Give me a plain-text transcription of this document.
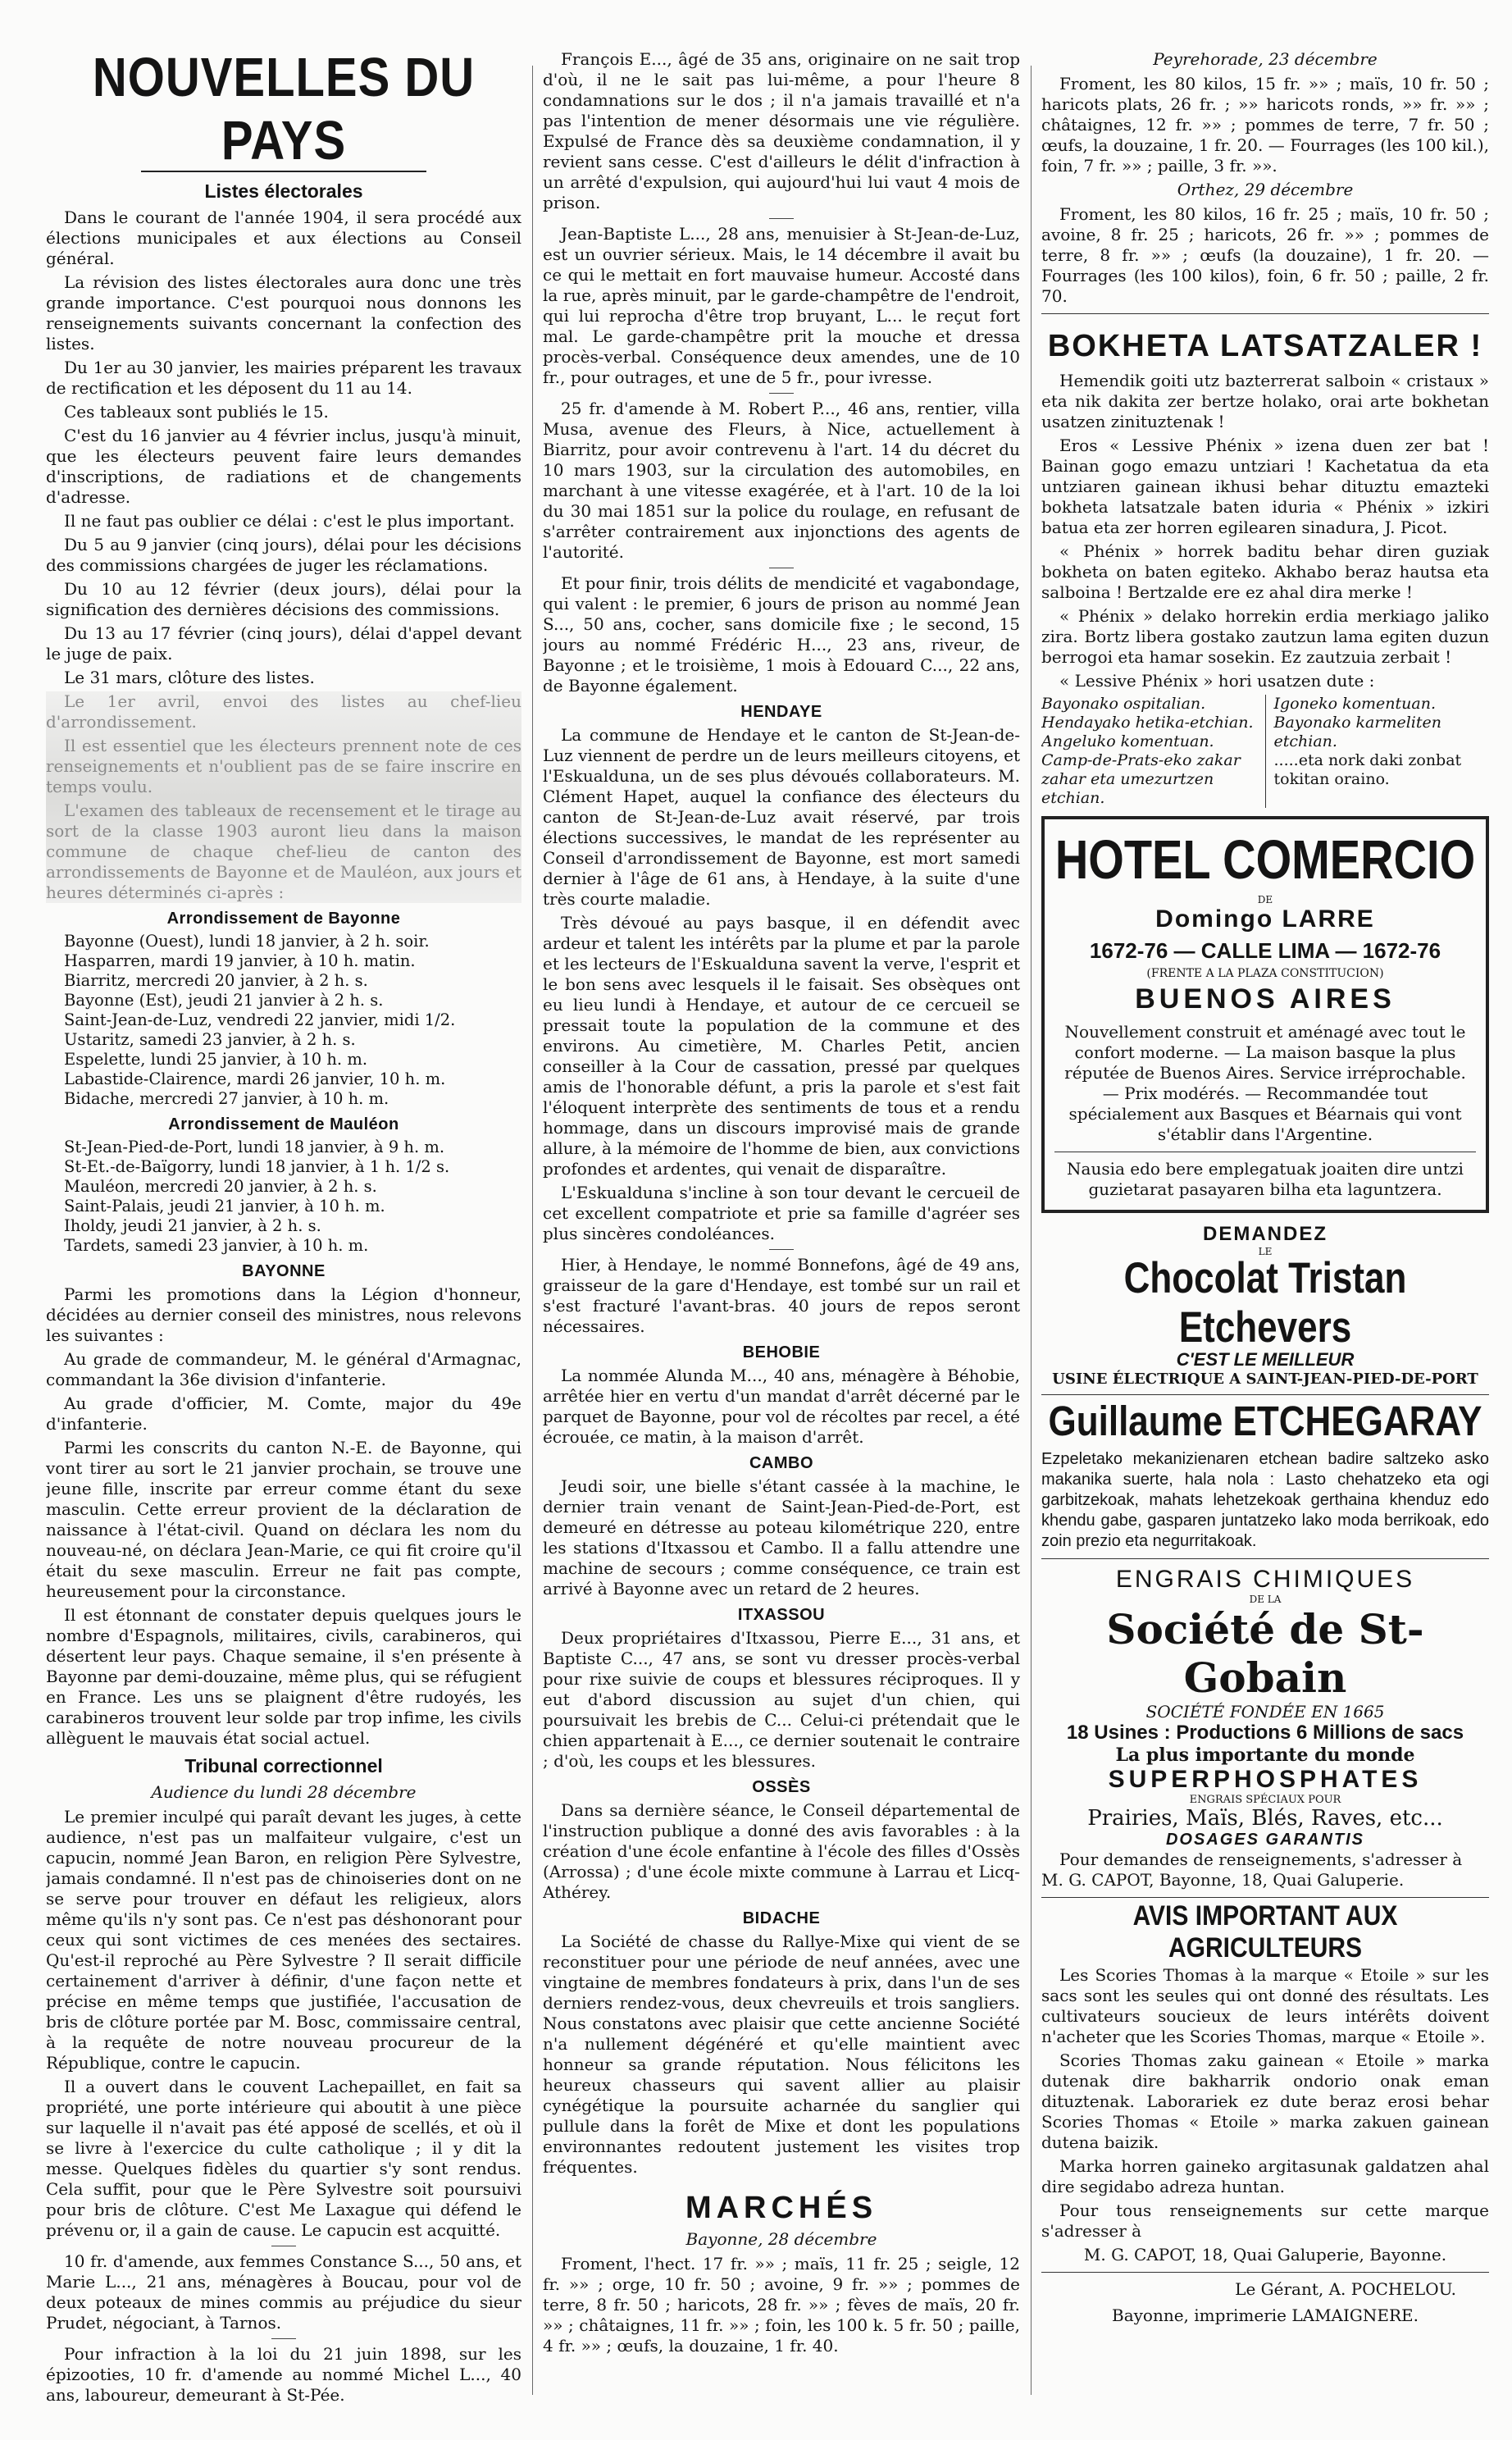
NOUVELLES DU PAYS
Listes électorales

Dans le courant de l'année 1904, il sera procédé aux élections municipales et aux élections au Conseil général.

La révision des listes électorales aura donc une très grande importance. C'est pourquoi nous donnons les renseignements suivants concernant la confection des listes.

Du 1er au 30 janvier, les mairies préparent les travaux de rectification et les déposent du 11 au 14.

Ces tableaux sont publiés le 15.

C'est du 16 janvier au 4 février inclus, jusqu'à minuit, que les électeurs peuvent faire leurs demandes d'inscriptions, de radiations et de changements d'adresse.

Il ne faut pas oublier ce délai : c'est le plus important.

Du 5 au 9 janvier (cinq jours), délai pour les décisions des commissions chargées de juger les réclamations.

Du 10 au 12 février (deux jours), délai pour la signification des dernières décisions des commissions.

Du 13 au 17 février (cinq jours), délai d'appel devant le juge de paix.

Le 31 mars, clôture des listes.

Le 1er avril, envoi des listes au chef-lieu d'arrondissement.

Il est essentiel que les électeurs prennent note de ces renseignements et n'oublient pas de se faire inscrire en temps voulu.

L'examen des tableaux de recensement et le tirage au sort de la classe 1903 auront lieu dans la maison commune de chaque chef-lieu de canton des arrondissements de Bayonne et de Mauléon, aux jours et heures déterminés ci-après :

Arrondissement de Bayonne

Bayonne (Ouest), lundi 18 janvier, à 2 h. soir.

Hasparren, mardi 19 janvier, à 10 h. matin.

Biarritz, mercredi 20 janvier, à 2 h. s.

Bayonne (Est), jeudi 21 janvier à 2 h. s.

Saint-Jean-de-Luz, vendredi 22 janvier, midi 1/2.

Ustaritz, samedi 23 janvier, à 2 h. s.

Espelette, lundi 25 janvier, à 10 h. m.

Labastide-Clairence, mardi 26 janvier, 10 h. m.

Bidache, mercredi 27 janvier, à 10 h. m.

Arrondissement de Mauléon

St-Jean-Pied-de-Port, lundi 18 janvier, à 9 h. m.

St-Et.-de-Baïgorry, lundi 18 janvier, à 1 h. 1/2 s.

Mauléon, mercredi 20 janvier, à 2 h. s.

Saint-Palais, jeudi 21 janvier, à 10 h. m.

Iholdy, jeudi 21 janvier, à 2 h. s.

Tardets, samedi 23 janvier, à 10 h. m.

BAYONNE

Parmi les promotions dans la Légion d'honneur, décidées au dernier conseil des ministres, nous relevons les suivantes :

Au grade de commandeur, M. le général d'Armagnac, commandant la 36e division d'infanterie.

Au grade d'officier, M. Comte, major du 49e d'infanterie.

Parmi les conscrits du canton N.-E. de Bayonne, qui vont tirer au sort le 21 janvier prochain, se trouve une jeune fille, inscrite par erreur comme étant du sexe masculin. Cette erreur provient de la déclaration de naissance à l'état-civil. Quand on déclara les nom du nouveau-né, on déclara Jean-Marie, ce qui fit croire qu'il était du sexe masculin. Erreur ne fait pas compte, heureusement pour la circonstance.

Il est étonnant de constater depuis quelques jours le nombre d'Espagnols, militaires, civils, carabineros, qui désertent leur pays. Chaque semaine, il s'en présente à Bayonne par demi-douzaine, même plus, qui se réfugient en France. Les uns se plaignent d'être rudoyés, les carabineros trouvent leur solde par trop infime, les civils allèguent le mauvais état social actuel.

Tribunal correctionnel
Audience du lundi 28 décembre

Le premier inculpé qui paraît devant les juges, à cette audience, n'est pas un malfaiteur vulgaire, c'est un capucin, nommé Jean Baron, en religion Père Sylvestre, jamais condamné. Il n'est pas de chinoiseries dont on ne se serve pour trouver en défaut les religieux, alors même qu'ils n'y sont pas. Ce n'est pas déshonorant pour ceux qui sont victimes de ces menées des sectaires. Qu'est-il reproché au Père Sylvestre ? Il serait difficile certainement d'arriver à définir, d'une façon nette et précise en même temps que justifiée, l'accusation de bris de clôture portée par M. Bosc, commissaire central, à la requête de notre nouveau procureur de la République, contre le capucin.

Il a ouvert dans le couvent Lachepaillet, en fait sa propriété, une porte intérieure qui aboutit à une pièce sur laquelle il n'avait pas été apposé de scellés, et où il se livre à l'exercice du culte catholique ; il y dit la messe. Quelques fidèles du quartier s'y sont rendus. Cela suffit, pour que le Père Sylvestre soit poursuivi pour bris de clôture. C'est Me Laxague qui défend le prévenu or, il a gain de cause. Le capucin est acquitté.

10 fr. d'amende, aux femmes Constance S..., 50 ans, et Marie L..., 21 ans, ménagères à Boucau, pour vol de deux poteaux de mines commis au préjudice du sieur Prudet, négociant, à Tarnos.

Pour infraction à la loi du 21 juin 1898, sur les épizooties, 10 fr. d'amende au nommé Michel L..., 40 ans, laboureur, demeurant à St-Pée.

François E..., âgé de 35 ans, originaire on ne sait trop d'où, il ne le sait pas lui-même, a pour l'heure 8 condamnations sur le dos ; il n'a jamais travaillé et n'a pas l'intention de mener désormais une vie régulière. Expulsé de France dès sa deuxième condamnation, il y revient sans cesse. C'est d'ailleurs le délit d'infraction à un arrêté d'expulsion, qui aujourd'hui lui vaut 4 mois de prison.

Jean-Baptiste L..., 28 ans, menuisier à St-Jean-de-Luz, est un ouvrier sérieux. Mais, le 14 décembre il avait bu ce qui le mettait en fort mauvaise humeur. Accosté dans la rue, après minuit, par le garde-champêtre de l'endroit, qui lui reprocha d'être trop bruyant, L... le reçut fort mal. Le garde-champêtre prit la mouche et dressa procès-verbal. Conséquence deux amendes, une de 10 fr., pour outrages, et une de 5 fr., pour ivresse.

25 fr. d'amende à M. Robert P..., 46 ans, rentier, villa Musa, avenue des Fleurs, à Nice, actuellement à Biarritz, pour avoir contrevenu à l'art. 14 du décret du 10 mars 1903, sur la circulation des automobiles, en marchant à une vitesse exagérée, et à l'art. 10 de la loi du 30 mai 1851 sur la police du roulage, en refusant de s'arrêter contrairement aux injonctions des agents de l'autorité.

Et pour finir, trois délits de mendicité et vagabondage, qui valent : le premier, 6 jours de prison au nommé Jean S..., 50 ans, cocher, sans domicile fixe ; le second, 15 jours au nommé Frédéric H..., 23 ans, riveur, de Bayonne ; et le troisième, 1 mois à Edouard C..., 22 ans, de Bayonne également.

HENDAYE

La commune de Hendaye et le canton de St-Jean-de-Luz viennent de perdre un de leurs meilleurs citoyens, et l'Eskualduna, un de ses plus dévoués collaborateurs. M. Clément Hapet, auquel la confiance des électeurs du canton de St-Jean-de-Luz avait réservé, par trois élections successives, le mandat de les représenter au Conseil d'arrondissement de Bayonne, est mort samedi dernier à l'âge de 61 ans, à Hendaye, à la suite d'une très courte maladie.

Très dévoué au pays basque, il en défendit avec ardeur et talent les intérêts par la plume et par la parole et les lecteurs de l'Eskualduna savent la verve, l'esprit et le bon sens avec lesquels il le faisait. Ses obsèques ont eu lieu lundi à Hendaye, et autour de ce cercueil se pressait toute la population de la commune et des environs. Au cimetière, M. Charles Petit, ancien conseiller à la Cour de cassation, pressé par quelques amis de l'honorable défunt, a pris la parole et s'est fait l'éloquent interprète des sentiments de tous et a rendu hommage, dans un discours improvisé mais de grande allure, à la mémoire de l'homme de bien, aux convictions profondes et ardentes, qui venait de disparaître.

L'Eskualduna s'incline à son tour devant le cercueil de cet excellent compatriote et prie sa famille d'agréer ses plus sincères condoléances.

Hier, à Hendaye, le nommé Bonnefons, âgé de 49 ans, graisseur de la gare d'Hendaye, est tombé sur un rail et s'est fracturé l'avant-bras. 40 jours de repos seront nécessaires.

BEHOBIE

La nommée Alunda M..., 40 ans, ménagère à Béhobie, arrêtée hier en vertu d'un mandat d'arrêt décerné par le parquet de Bayonne, pour vol de récoltes par recel, a été écrouée, ce matin, à la maison d'arrêt.

CAMBO

Jeudi soir, une bielle s'étant cassée à la machine, le dernier train venant de Saint-Jean-Pied-de-Port, est demeuré en détresse au poteau kilométrique 220, entre les stations d'Itxassou et Cambo. Il a fallu attendre une machine de secours ; comme conséquence, ce train est arrivé à Bayonne avec un retard de 2 heures.

ITXASSOU

Deux propriétaires d'Itxassou, Pierre E..., 31 ans, et Baptiste C..., 47 ans, se sont vu dresser procès-verbal pour rixe suivie de coups et blessures réciproques. Il y eut d'abord discussion au sujet d'un chien, qui poursuivait les brebis de C... Celui-ci prétendait que le chien appartenait à E..., ce dernier soutenait le contraire ; d'où, les coups et les blessures.

OSSÈS

Dans sa dernière séance, le Conseil départemental de l'instruction publique a donné des avis favorables : à la création d'une école enfantine à l'école des filles d'Ossès (Arrossa) ; d'une école mixte commune à Larrau et Licq-Athérey.

BIDACHE

La Société de chasse du Rallye-Mixe qui vient de se reconstituer pour une période de neuf années, avec une vingtaine de membres fondateurs à prix, dans l'un de ses derniers rendez-vous, deux chevreuils et trois sangliers. Nous constatons avec plaisir que cette ancienne Société n'a nullement dégénéré et qu'elle maintient avec honneur sa grande réputation. Nous félicitons les heureux chasseurs qui savent allier au plaisir cynégétique la poursuite acharnée du sanglier qui pullule dans la forêt de Mixe et dont les populations environnantes redoutent justement les visites trop fréquentes.

MARCHÉS
Bayonne, 28 décembre

Froment, l'hect. 17 fr. »» ; maïs, 11 fr. 25 ; seigle, 12 fr. »» ; orge, 10 fr. 50 ; avoine, 9 fr. »» ; pommes de terre, 8 fr. 50 ; haricots, 28 fr. »» ; fèves de maïs, 20 fr. »» ; châtaignes, 11 fr. »» ; foin, les 100 k. 5 fr. 50 ; paille, 4 fr. »» ; œufs, la douzaine, 1 fr. 40.

Peyrehorade, 23 décembre

Froment, les 80 kilos, 15 fr. »» ; maïs, 10 fr. 50 ; haricots plats, 26 fr. ; »» haricots ronds, »» fr. »» ; châtaignes, 12 fr. »» ; pommes de terre, 7 fr. 50 ; œufs, la douzaine, 1 fr. 20. — Fourrages (les 100 kil.), foin, 7 fr. »» ; paille, 3 fr. »».

Orthez, 29 décembre

Froment, les 80 kilos, 16 fr. 25 ; maïs, 10 fr. 50 ; avoine, 8 fr. 25 ; haricots, 26 fr. »» ; pommes de terre, 8 fr. »» ; œufs (la douzaine), 1 fr. 20. — Fourrages (les 100 kilos), foin, 6 fr. 50 ; paille, 2 fr. 70.

BOKHETA LATSATZALER !

Hemendik goiti utz bazterrerat salboin « cristaux » eta nik dakita zer bertze holako, orai arte bokhetan usatzen zinituztenak !

Eros « Lessive Phénix » izena duen zer bat ! Bainan gogo emazu untziari ! Kachetatua da eta untziaren gainean ikhusi behar dituztu emazteki bokheta latsatzale baten iduria « Phénix » izkiri batua eta zer horren egilearen sinadura, J. Picot.

« Phénix » horrek baditu behar diren guziak bokheta on baten egiteko. Akhabo beraz hautsa eta salboina ! Bertzalde ere ez ahal dira merke !

« Phénix » delako horrekin erdia merkiago jaliko zira. Bortz libera gostako zautzun lama egiten duzun berrogoi eta hamar sosekin. Ez zautzuia zerbait !

« Lessive Phénix » hori usatzen dute :

Bayonako ospitalian.
Hendayako hetika-etchian.
Angeluko komentuan.
Camp-de-Prats-eko zakar zahar eta umezurtzen etchian.
Igoneko komentuan.
Bayonako karmeliten etchian.
.....eta nork daki zonbat tokitan oraino.
HOTEL COMERCIO
DE
Domingo LARRE
1672-76 — CALLE LIMA — 1672-76
(FRENTE A LA PLAZA CONSTITUCION)
BUENOS AIRES

Nouvellement construit et aménagé avec tout le confort moderne. — La maison basque la plus réputée de Buenos Aires. Service irréprochable. — Prix modérés. — Recommandée tout spécialement aux Basques et Béarnais qui vont s'établir dans l'Argentine.

Nausia edo bere emplegatuak joaiten dire untzi guzietarat pasayaren bilha eta laguntzera.

DEMANDEZ
LE
Chocolat Tristan Etchevers
C'EST LE MEILLEUR
USINE ÉLECTRIQUE A SAINT-JEAN-PIED-DE-PORT
Guillaume ETCHEGARAY

Ezpeletako mekanizienaren etchean badire saltzeko asko makanika suerte, hala nola : Lasto chehatzeko eta ogi garbitzekoak, mahats lehetzekoak gerthaina khenduz edo khendu gabe, gasparen juntatzeko lako moda berrikoak, edo zoin prezio eta negurritakoak.

ENGRAIS CHIMIQUES
DE LA
Société de St-Gobain
SOCIÉTÉ FONDÉE EN 1665
18 Usines : Productions 6 Millions de sacs
La plus importante du monde
SUPERPHOSPHATES
ENGRAIS SPÉCIAUX POUR
Prairies, Maïs, Blés, Raves, etc...
DOSAGES GARANTIS

Pour demandes de renseignements, s'adresser à M. G. CAPOT, Bayonne, 18, Quai Galuperie.

AVIS IMPORTANT AUX AGRICULTEURS

Les Scories Thomas à la marque « Etoile » sur les sacs sont les seules qui ont donné des résultats. Les cultivateurs soucieux de leurs intérêts doivent n'acheter que les Scories Thomas, marque « Etoile ».

Scories Thomas zaku gainean « Etoile » marka dutenak dire bakharrik ondorio onak eman dituztenak. Laborariek ez dute beraz erosi behar Scories Thomas « Etoile » marka zakuen gainean dutena baizik.

Marka horren gaineko argitasunak galdatzen ahal dire segidabo adreza huntan.

Pour tous renseignements sur cette marque s'adresser à

M. G. CAPOT, 18, Quai Galuperie, Bayonne.

Le Gérant, A. POCHELOU.
Bayonne, imprimerie LAMAIGNERE.
